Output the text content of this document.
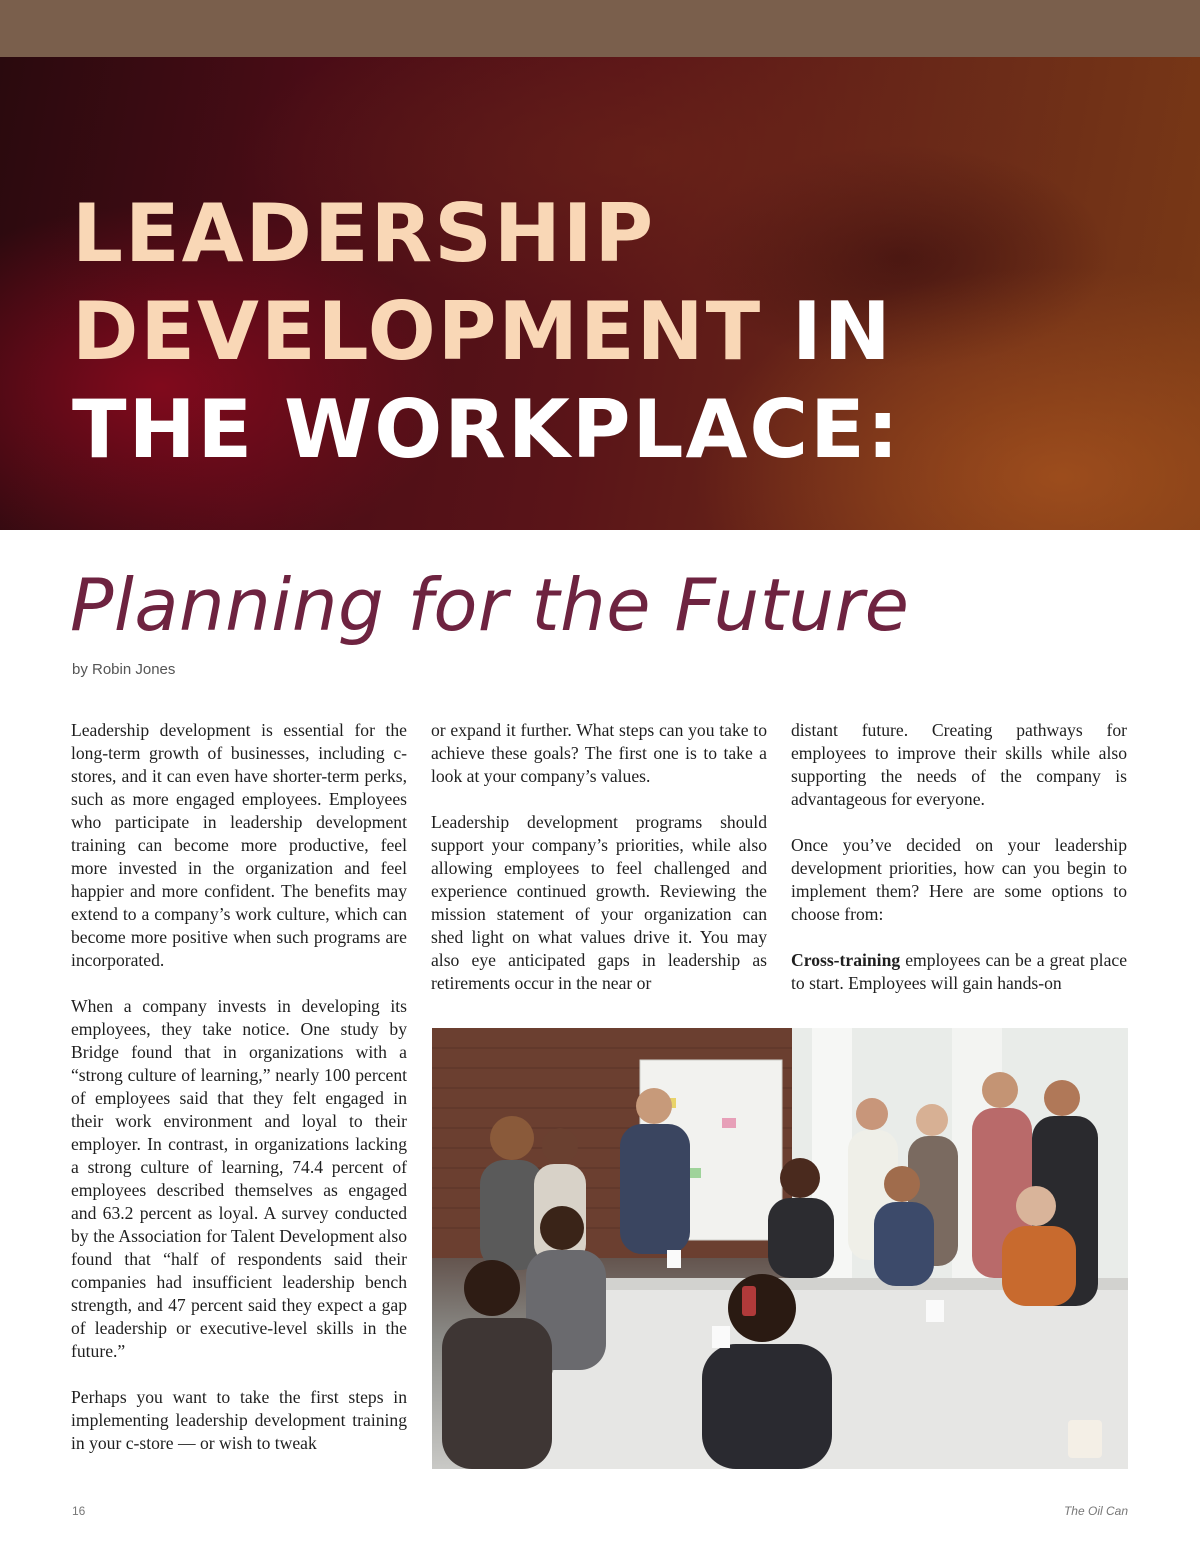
LEADERSHIP
DEVELOPMENT IN
THE WORKPLACE:
Planning for the Future
by Robin Jones

Leadership development is essential for the long-term growth of businesses, including c-stores, and it can even have shorter-term perks, such as more engaged employees. Employees who participate in leadership development training can become more productive, feel more invested in the organization and feel happier and more confident. The benefits may extend to a company’s work culture, which can become more positive when such programs are incorporated.

When a company invests in developing its employees, they take notice. One study by Bridge found that in organizations with a “strong culture of learning,” nearly 100 percent of employees said that they felt engaged in their work environment and loyal to their employer. In contrast, in organizations lacking a strong culture of learning, 74.4 percent of employees described themselves as engaged and 63.2 percent as loyal. A survey conducted by the Association for Talent Development also found that “half of respondents said their companies had insufficient leadership bench strength, and 47 percent said they expect a gap of leadership or executive-level skills in the future.”

Perhaps you want to take the first steps in implementing leadership development training in your c-store — or wish to tweak

or expand it further. What steps can you take to achieve these goals? The first one is to take a look at your company’s values.

Leadership development programs should support your company’s priorities, while also allowing employees to feel challenged and experience continued growth. Reviewing the mission statement of your organization can shed light on what values drive it. You may also eye anticipated gaps in leadership as retirements occur in the near or

distant future. Creating pathways for employees to improve their skills while also supporting the needs of the company is advantageous for everyone.

Once you’ve decided on your leadership development priorities, how can you begin to implement them? Here are some options to choose from:

Cross-training employees can be a great place to start. Employees will gain hands-on

16	The Oil Can
